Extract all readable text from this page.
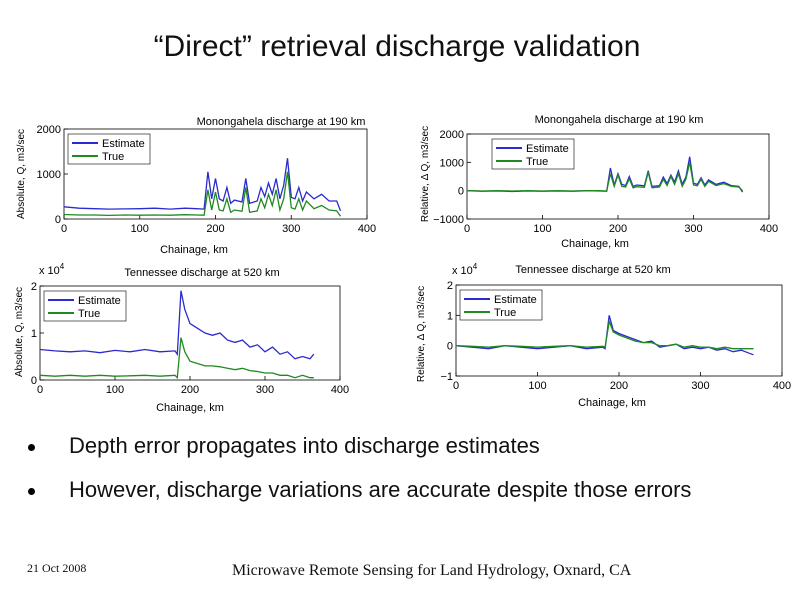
“Direct” retrieval discharge validation
Monongahela discharge at 190 km
0	100	200	300	400
0
1000
2000
Chainage, km
Absolute, Q, m3/sec	Estimate
True
Monongahela discharge at 190 km
0	100	200	300	400
−1000
0
1000
2000
Chainage, km
Relative, Δ Q, m3/sec	Estimate
True
Tennessee discharge at 520 km
0	100	200	300	400
0
1
2
Chainage, km
Absolute, Q, m3/sec
x $10^4$
Estimate
True
Tennessee discharge at 520 km
0	100	200	300	400
−1
0
1
2
Chainage, km
Relative, Δ Q, m3/sec
x $10^4$
Estimate
True
Depth error propagates into discharge estimates
However, discharge variations are accurate despite those errors
21 Oct 2008	Microwave Remote Sensing for Land Hydrology, Oxnard, CA
